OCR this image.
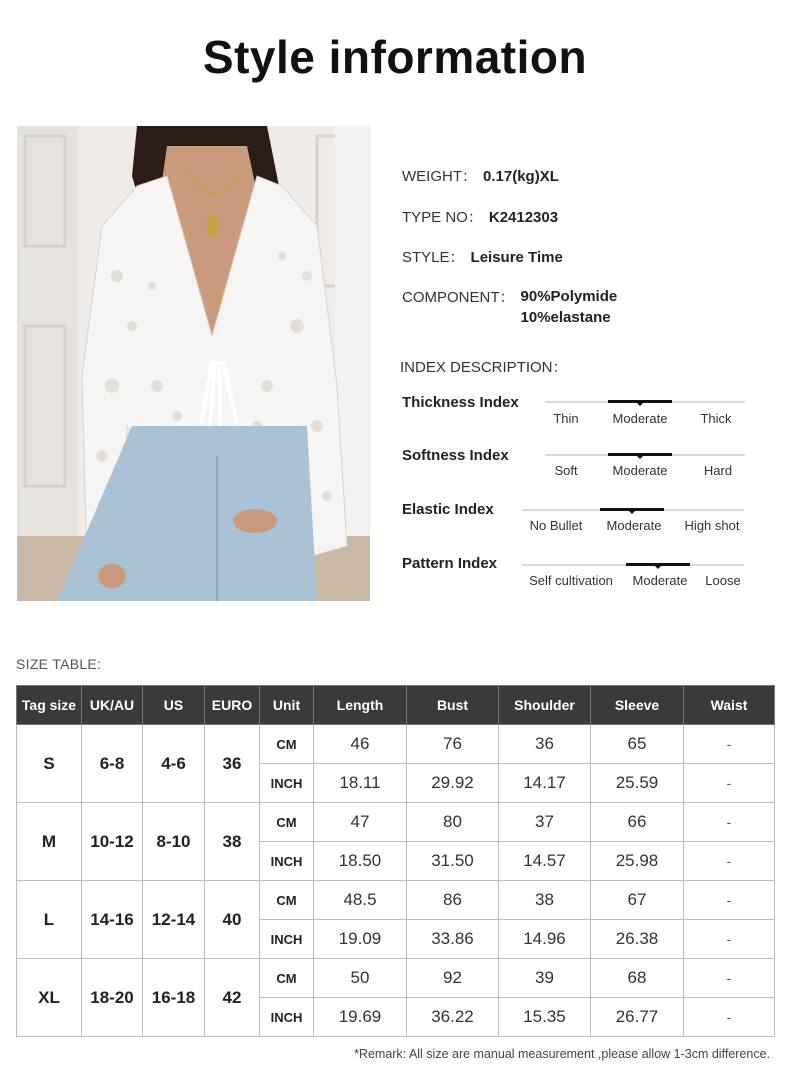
Style information
WEIGHT： 0.17(kg)XL
TYPE NO： K2412303
STYLE： Leisure Time
COMPONENT： 90%Polymide
10%elastane
INDEX DESCRIPTION：
Thickness Index
Thin	Moderate	Thick
Softness Index
Soft	Moderate	Hard
Elastic Index
No Bullet Moderate High shot
Pattern Index
Self cultivation Moderate Loose
SIZE TABLE:
Tag size	UK/AU	US	EURO	Unit	Length	Bust	Shoulder	Sleeve	Waist
S	6-8	4-6	36	CM	46	76	36	65	-
				INCH	18.11	29.92	14.17	25.59	-
M	10-12	8-10	38	CM	47	80	37	66	-
				INCH	18.50	31.50	14.57	25.98	-
L	14-16	12-14	40	CM	48.5	86	38	67	-
				INCH	19.09	33.86	14.96	26.38	-
XL	18-20	16-18	42	CM	50	92	39	68	-
				INCH	19.69	36.22	15.35	26.77	-
*Remark: All size are manual measurement ,please allow 1-3cm difference.
